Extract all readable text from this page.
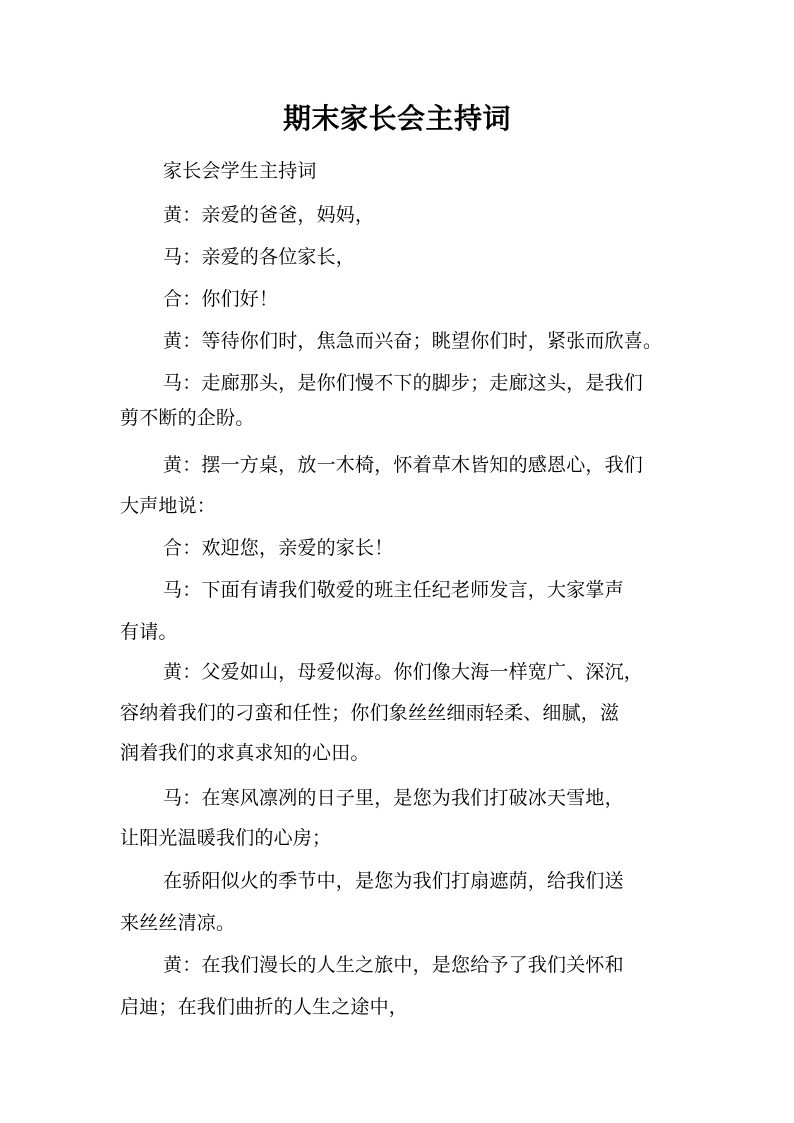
期末家长会主持词
家长会学生主持词
黄：亲爱的爸爸，妈妈，
马：亲爱的各位家长，
合：你们好！
黄：等待你们时，焦急而兴奋；眺望你们时，紧张而欣喜。
马：走廊那头，是你们慢不下的脚步；走廊这头，是我们
剪不断的企盼。
黄：摆一方桌，放一木椅，怀着草木皆知的感恩心，我们
大声地说：
合：欢迎您，亲爱的家长！
马：下面有请我们敬爱的班主任纪老师发言，大家掌声
有请。
黄：父爱如山，母爱似海。你们像大海一样宽广、深沉，
容纳着我们的刁蛮和任性；你们象丝丝细雨轻柔、细腻，滋
润着我们的求真求知的心田。
马：在寒风凛冽的日子里，是您为我们打破冰天雪地，
让阳光温暖我们的心房；
在骄阳似火的季节中，是您为我们打扇遮荫，给我们送
来丝丝清凉。
黄：在我们漫长的人生之旅中，是您给予了我们关怀和
启迪；在我们曲折的人生之途中，
